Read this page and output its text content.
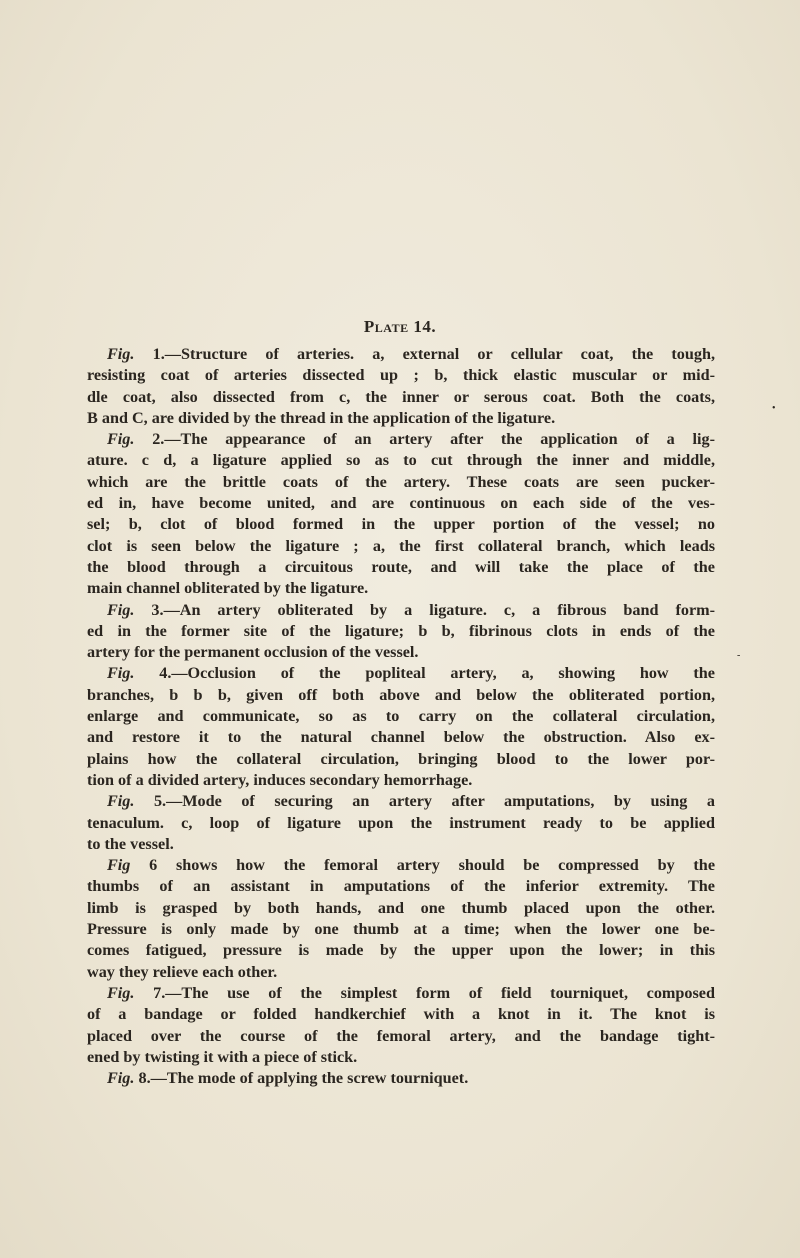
Plate 14.
Fig. 1.—Structure of arteries. a, external or cellular coat, the tough,
resisting coat of arteries dissected up ; b, thick elastic muscular or mid-
dle coat, also dissected from c, the inner or serous coat. Both the coats,
B and C, are divided by the thread in the application of the ligature.
Fig. 2.—The appearance of an artery after the application of a lig-
ature. c d, a ligature applied so as to cut through the inner and middle,
which are the brittle coats of the artery. These coats are seen pucker-
ed in, have become united, and are continuous on each side of the ves-
sel; b, clot of blood formed in the upper portion of the vessel; no
clot is seen below the ligature ; a, the first collateral branch, which leads
the blood through a circuitous route, and will take the place of the
main channel obliterated by the ligature.
Fig. 3.—An artery obliterated by a ligature. c, a fibrous band form-
ed in the former site of the ligature; b b, fibrinous clots in ends of the
artery for the permanent occlusion of the vessel.
Fig. 4.—Occlusion of the popliteal artery, a, showing how the
branches, b b b, given off both above and below the obliterated portion,
enlarge and communicate, so as to carry on the collateral circulation,
and restore it to the natural channel below the obstruction. Also ex-
plains how the collateral circulation, bringing blood to the lower por-
tion of a divided artery, induces secondary hemorrhage.
Fig. 5.—Mode of securing an artery after amputations, by using a
tenaculum. c, loop of ligature upon the instrument ready to be applied
to the vessel.
Fig 6 shows how the femoral artery should be compressed by the
thumbs of an assistant in amputations of the inferior extremity. The
limb is grasped by both hands, and one thumb placed upon the other.
Pressure is only made by one thumb at a time; when the lower one be-
comes fatigued, pressure is made by the upper upon the lower; in this
way they relieve each other.
Fig. 7.—The use of the simplest form of field tourniquet, composed
of a bandage or folded handkerchief with a knot in it. The knot is
placed over the course of the femoral artery, and the bandage tight-
ened by twisting it with a piece of stick.
Fig. 8.—The mode of applying the screw tourniquet.
•
-
